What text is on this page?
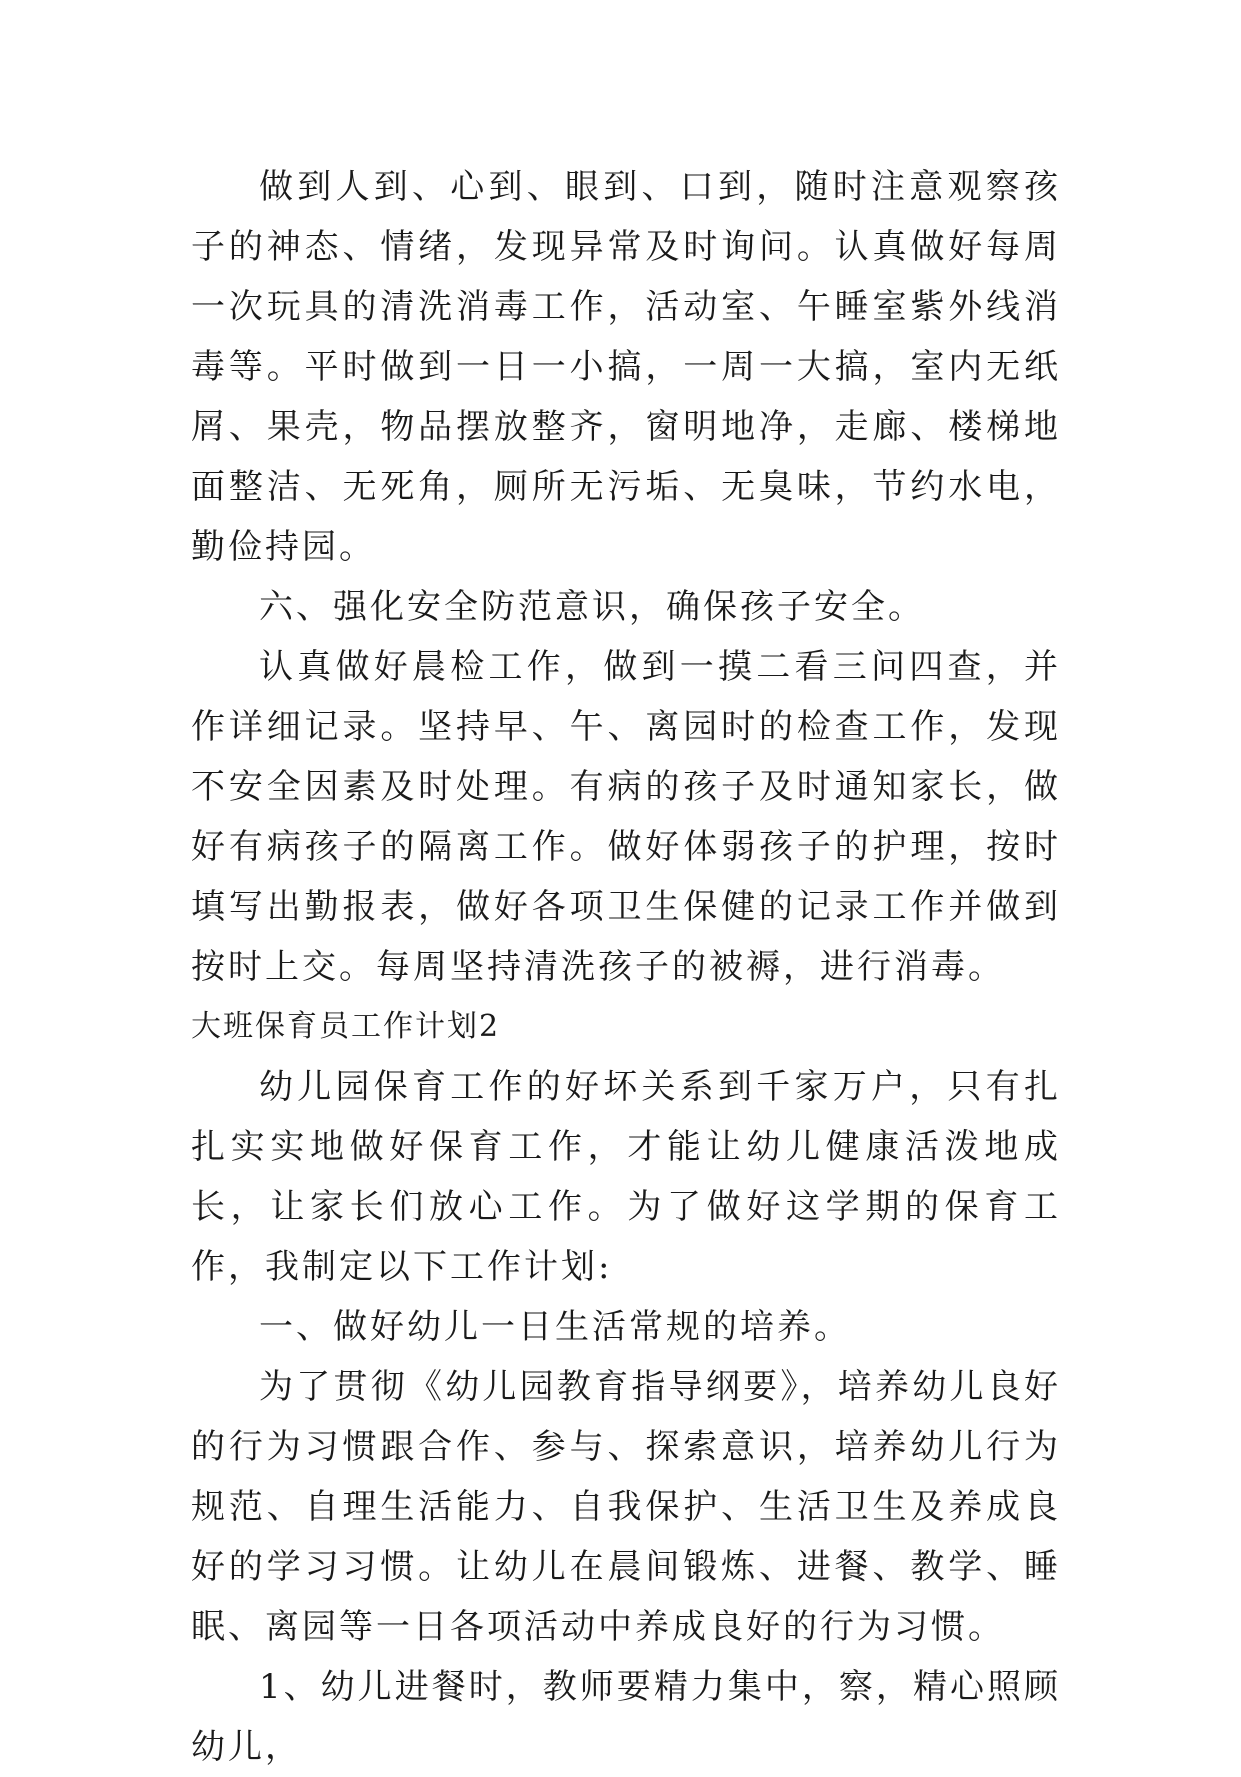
做到人到、心到、眼到、口到，随时注意观察孩子的神态、情绪，发现异常及时询问。认真做好每周一次玩具的清洗消毒工作，活动室、午睡室紫外线消毒等。平时做到一日一小搞，一周一大搞，室内无纸屑、果壳，物品摆放整齐，窗明地净，走廊、楼梯地面整洁、无死角，厕所无污垢、无臭味，节约水电，勤俭持园。

六、强化安全防范意识，确保孩子安全。

认真做好晨检工作，做到一摸二看三问四查，并作详细记录。坚持早、午、离园时的检查工作，发现不安全因素及时处理。有病的孩子及时通知家长，做好有病孩子的隔离工作。做好体弱孩子的护理，按时填写出勤报表，做好各项卫生保健的记录工作并做到按时上交。每周坚持清洗孩子的被褥，进行消毒。

大班保育员工作计划2

幼儿园保育工作的好坏关系到千家万户，只有扎扎实实地做好保育工作，才能让幼儿健康活泼地成长，让家长们放心工作。为了做好这学期的保育工作，我制定以下工作计划:

一、做好幼儿一日生活常规的培养。

为了贯彻《幼儿园教育指导纲要》，培养幼儿良好的行为习惯跟合作、参与、探索意识，培养幼儿行为规范、自理生活能力、自我保护、生活卫生及养成良好的学习习惯。让幼儿在晨间锻炼、进餐、教学、睡眠、离园等一日各项活动中养成良好的行为习惯。

1、幼儿进餐时，教师要精力集中，察，精心照顾幼儿，
